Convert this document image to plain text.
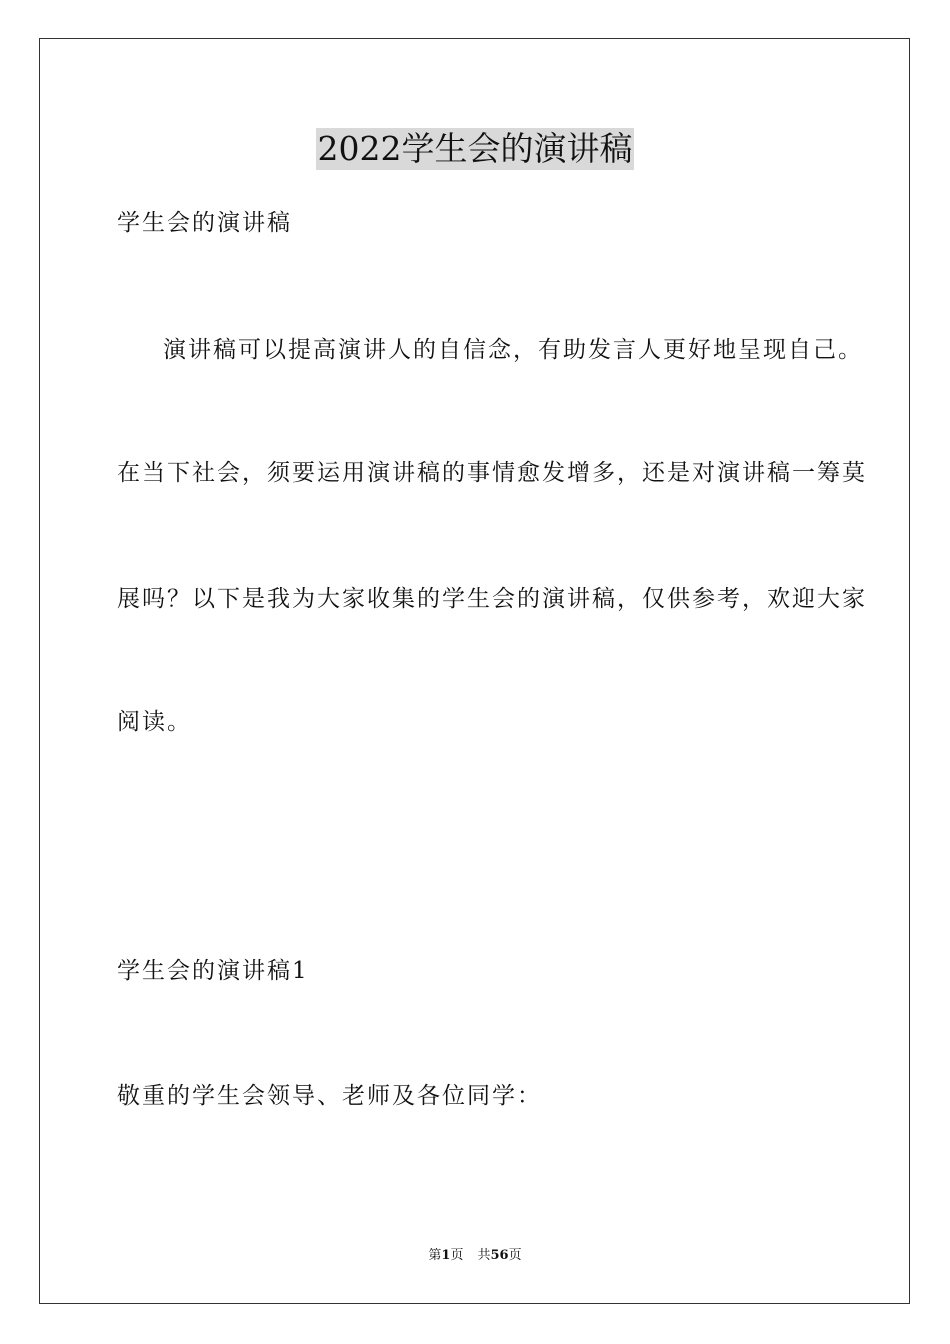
2022学生会的演讲稿
学生会的演讲稿
演讲稿可以提高演讲人的自信念，有助发言人更好地呈现自己。
在当下社会，须要运用演讲稿的事情愈发增多，还是对演讲稿一筹莫
展吗？以下是我为大家收集的学生会的演讲稿，仅供参考，欢迎大家
阅读。
学生会的演讲稿1
敬重的学生会领导、老师及各位同学：
第1页 共56页
